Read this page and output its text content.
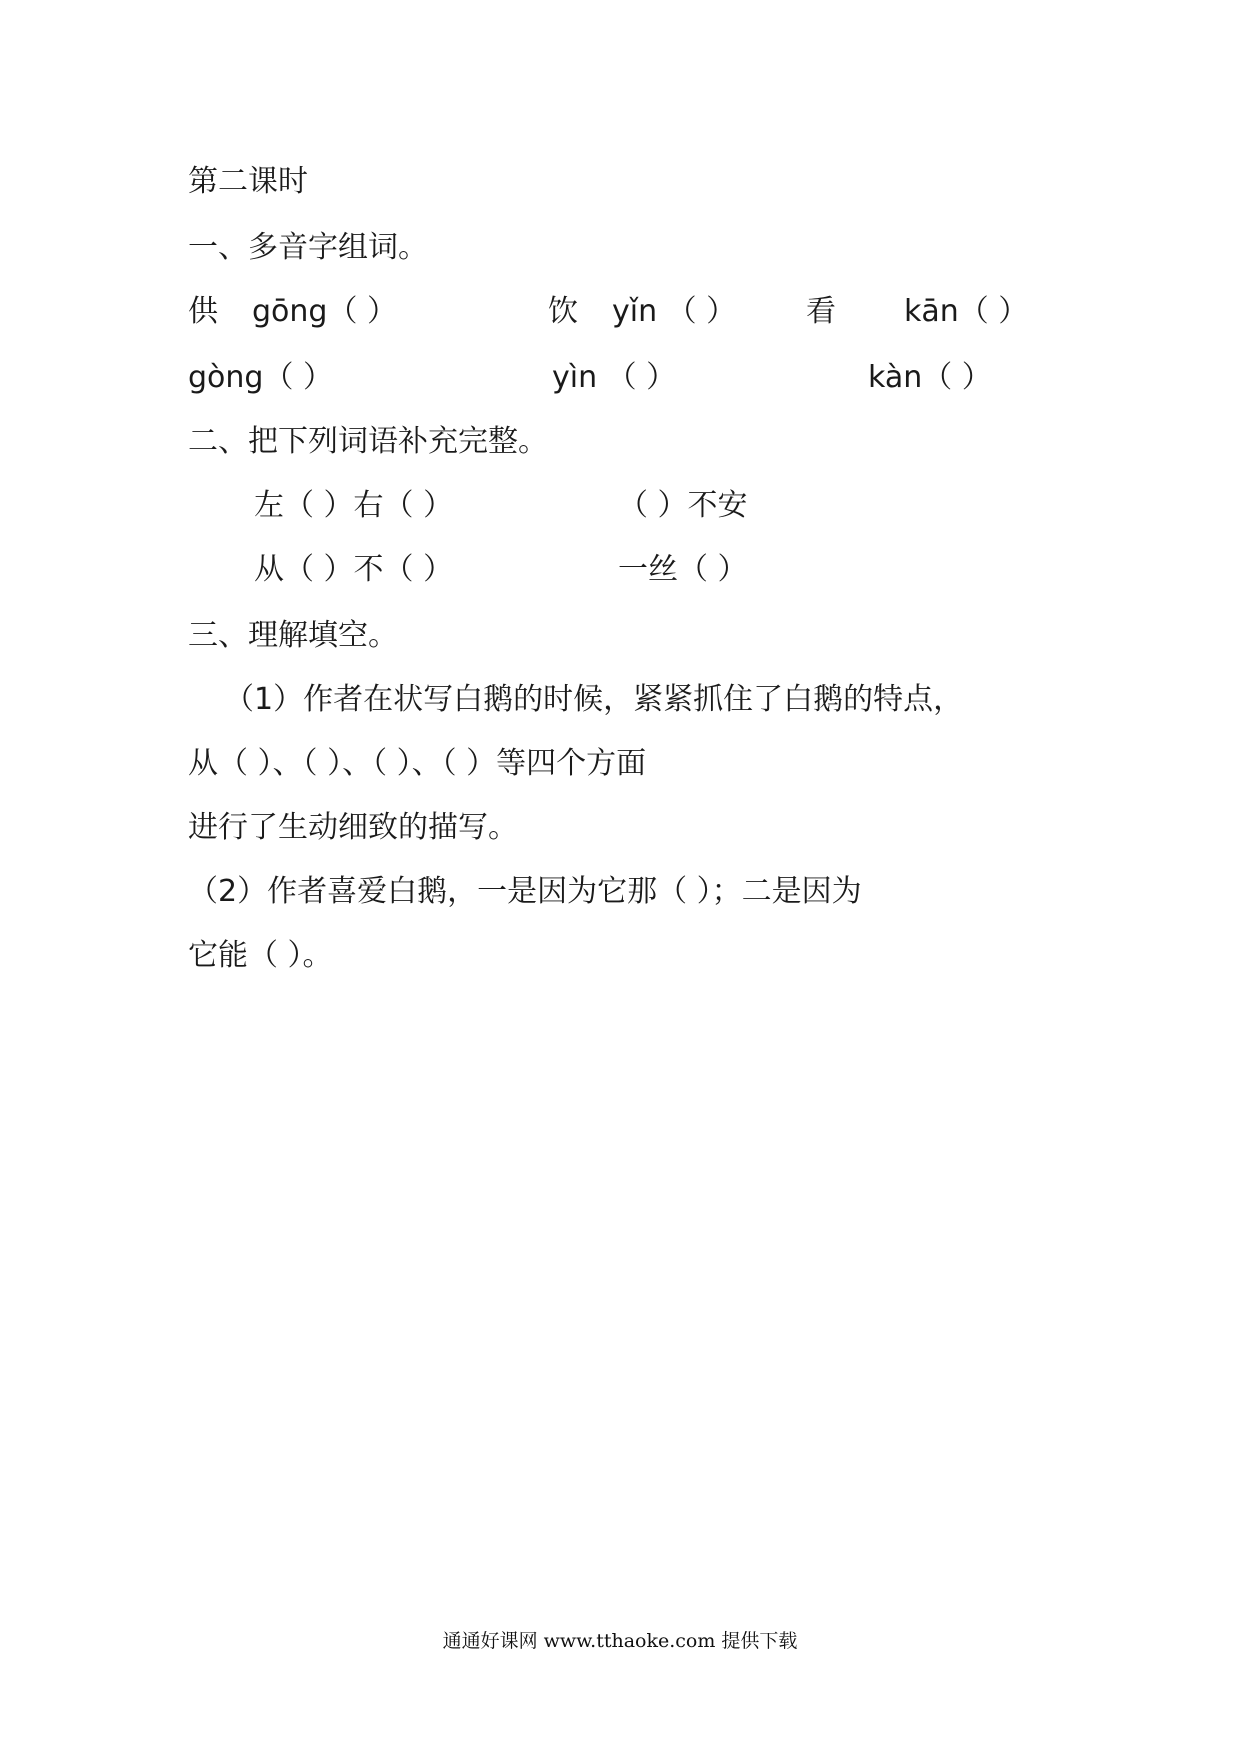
第二课时
一、多音字组词。
供 gōng（ ）	饮 yǐn （ ） 看 kān（ ）
gòng（ ）	yìn （ ）	kàn（ ）
二、把下列词语补充完整。
左（ ）右（ ）	（ ）不安
从（ ）不（ ）	一丝（ ）
三、理解填空。
（1）作者在状写白鹅的时候，紧紧抓住了白鹅的特点，
从（ ）、（ ）、（ ）、（ ）等四个方面
进行了生动细致的描写。
（2）作者喜爱白鹅，一是因为它那（ ）；二是因为
它能（ ）。
通通好课网 www.tthaoke.com 提供下载
